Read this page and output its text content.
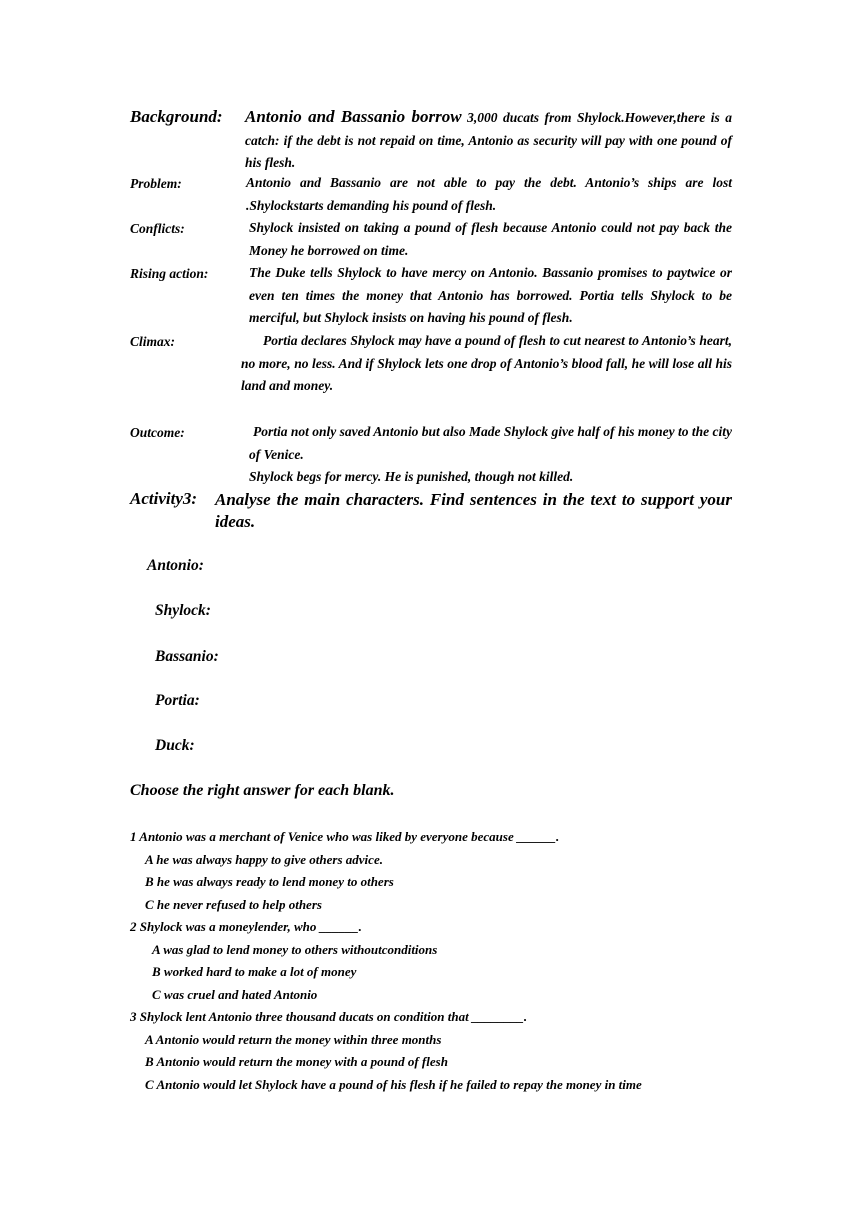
Background: Antonio and Bassanio borrow 3,000 ducats from Shylock.However,there is a catch: if the debt is not repaid on time, Antonio as security will pay with one pound of his flesh.
Problem:	Antonio and Bassanio are not able to pay the debt. Antonio’s ships are lost .Shylockstarts demanding his pound of flesh.
Conflicts:	Shylock insisted on taking a pound of flesh because Antonio could not pay back the Money he borrowed on time.
Rising action:	The Duke tells Shylock to have mercy on Antonio. Bassanio promises to paytwice or even ten times the money that Antonio has borrowed. Portia tells Shylock to be merciful, but Shylock insists on having his pound of flesh.
Climax:	Portia declares Shylock may have a pound of flesh to cut nearest to Antonio’s heart, no more, no less. And if Shylock lets one drop of Antonio’s blood fall, he will lose all his land and money.
Outcome:	Portia not only saved Antonio but also Made Shylock give half of his money to the city of Venice.
Shylock begs for mercy. He is punished, though not killed.
Activity3: Analyse the main characters. Find sentences in the text to support your ideas.
Antonio:
Shylock:
Bassanio:
Portia:
Duck:
Choose the right answer for each blank.
1 Antonio was a merchant of Venice who was liked by everyone because ______.
A he was always happy to give others advice.
B he was always ready to lend money to others
C he never refused to help others
2 Shylock was a moneylender, who ______.
A was glad to lend money to others withoutconditions
B worked hard to make a lot of money
C was cruel and hated Antonio
3 Shylock lent Antonio three thousand ducats on condition that ________.
A Antonio would return the money within three months
B Antonio would return the money with a pound of flesh
C Antonio would let Shylock have a pound of his flesh if he failed to repay the money in time
